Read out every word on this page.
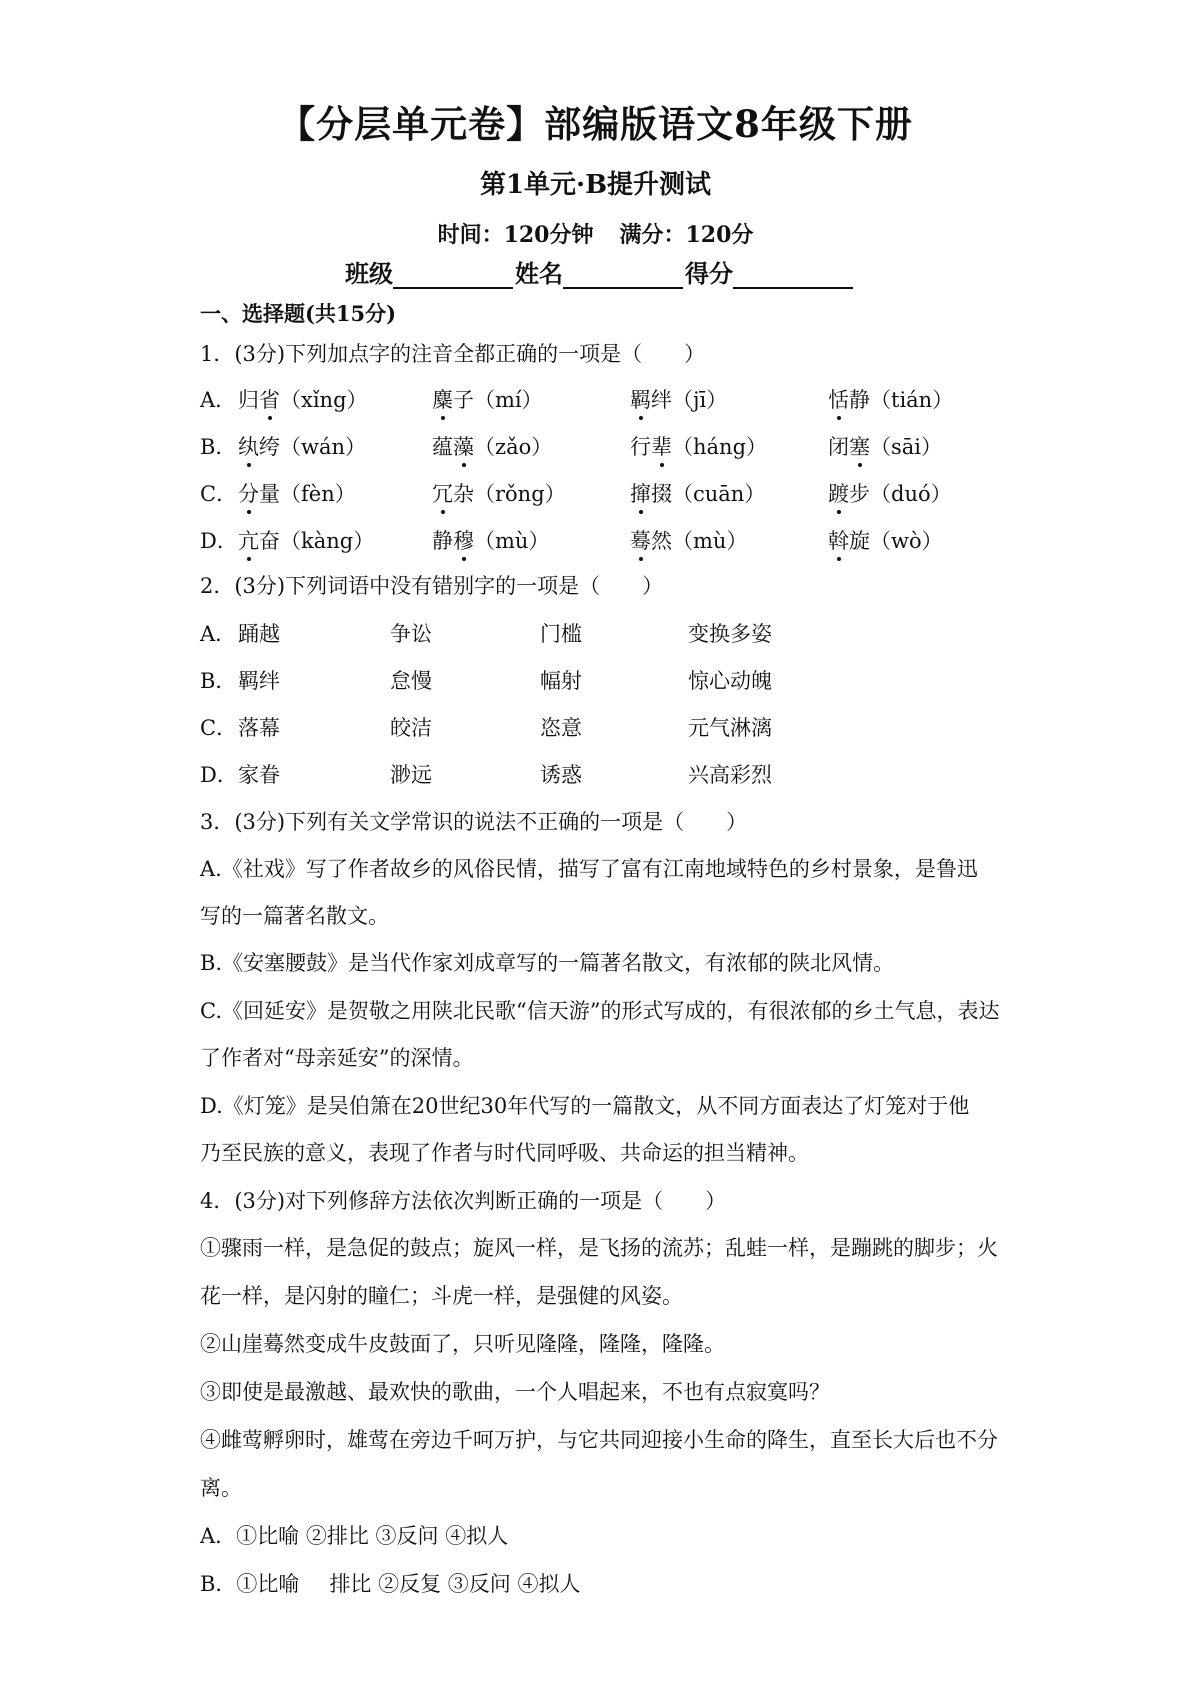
【分层单元卷】部编版语文8年级下册
第1单元·B提升测试
时间：120分钟 满分：120分
班级	姓名	得分
一、选择题(共15分)
1．(3分)下列加点字的注音全都正确的一项是（　　）
A． 归省（xǐng）	麋子（mí）	羁绊（jī）	恬静（tián）
B． 纨绔（wán）	蕴藻（zǎo）	行辈（háng）	闭塞（sāi）
C． 分量（fèn）	冗杂（rǒng）	撺掇（cuān）	踱步（duó）
D． 亢奋（kàng）	静穆（mù）	蓦然（mù）	斡旋（wò）
2．(3分)下列词语中没有错别字的一项是（　　）
A． 踊越	争讼	门槛	变换多姿
B． 羁绊	怠慢	幅射	惊心动魄
C． 落幕	皎洁	恣意	元气淋漓
D． 家眷	渺远	诱惑	兴高彩烈
3．(3分)下列有关文学常识的说法不正确的一项是（　　）
A.《社戏》写了作者故乡的风俗民情，描写了富有江南地域特色的乡村景象，是鲁迅
写的一篇著名散文。
B.《安塞腰鼓》是当代作家刘成章写的一篇著名散文，有浓郁的陕北风情。
C.《回延安》是贺敬之用陕北民歌“信天游”的形式写成的，有很浓郁的乡土气息，表达
了作者对“母亲延安”的深情。
D.《灯笼》是吴伯箫在20世纪30年代写的一篇散文，从不同方面表达了灯笼对于他
乃至民族的意义，表现了作者与时代同呼吸、共命运的担当精神。
4．(3分)对下列修辞方法依次判断正确的一项是（　　）
①骤雨一样，是急促的鼓点；旋风一样，是飞扬的流苏；乱蛙一样，是蹦跳的脚步；火
花一样，是闪射的瞳仁；斗虎一样，是强健的风姿。
②山崖蓦然变成牛皮鼓面了，只听见隆隆，隆隆，隆隆。
③即使是最激越、最欢快的歌曲，一个人唱起来，不也有点寂寞吗？
④雌莺孵卵时，雄莺在旁边千呵万护，与它共同迎接小生命的降生，直至长大后也不分
离。
A．①比喻 ②排比 ③反问 ④拟人
B．①比喻 排比 ②反复 ③反问 ④拟人
